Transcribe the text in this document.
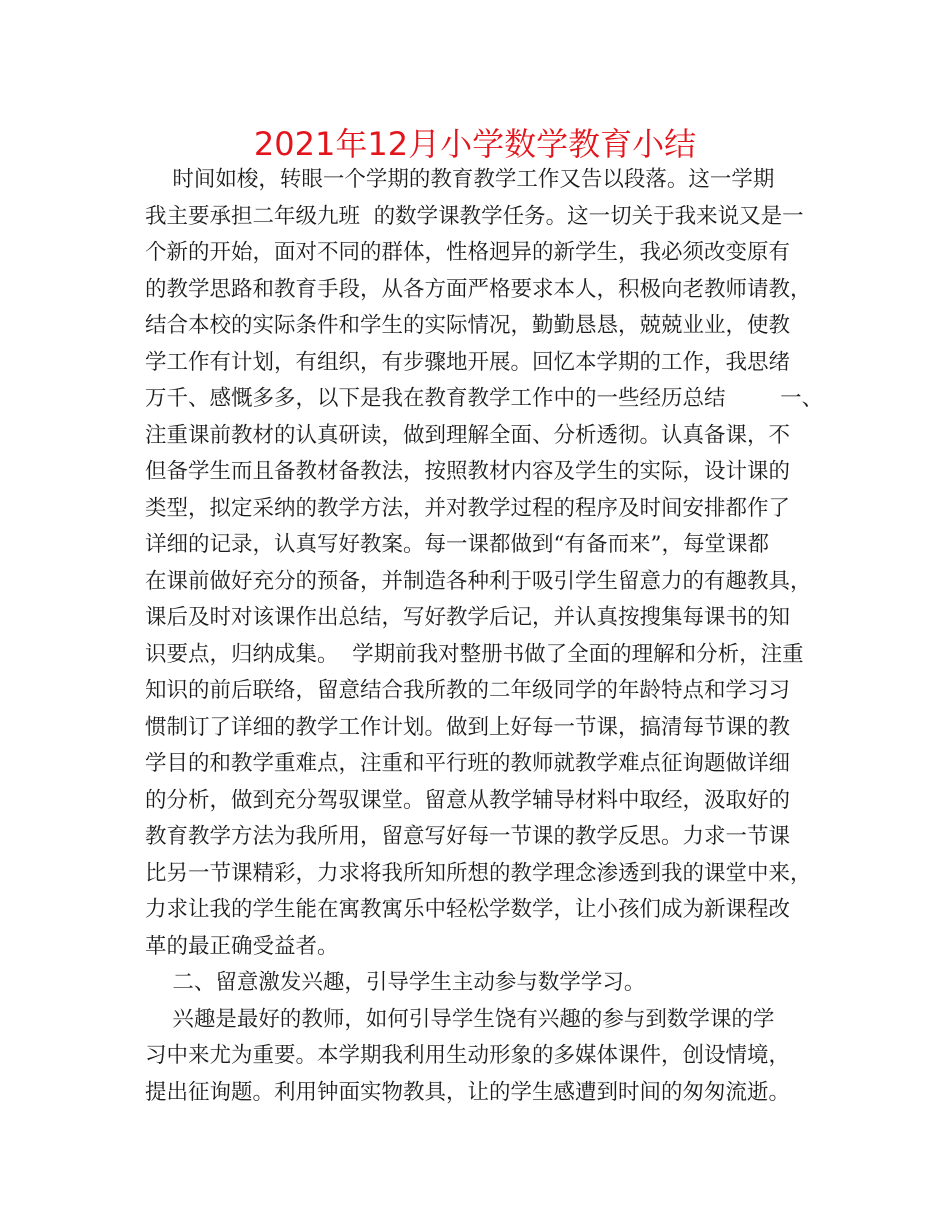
2021年12月小学数学教育小结
时间如梭，转眼一个学期的教育教学工作又告以段落。这一学期
我主要承担二年级九班  的数学课教学任务。这一切关于我来说又是一
个新的开始，面对不同的群体，性格迥异的新学生，我必须改变原有
的教学思路和教育手段，从各方面严格要求本人，积极向老教师请教，
结合本校的实际条件和学生的实际情况，勤勤恳恳，兢兢业业，使教
学工作有计划，有组织，有步骤地开展。回忆本学期的工作，我思绪
万千、感慨多多，以下是我在教育教学工作中的一些经历总结        一、
注重课前教材的认真研读，做到理解全面、分析透彻。认真备课，不
但备学生而且备教材备教法，按照教材内容及学生的实际，设计课的
类型，拟定采纳的教学方法，并对教学过程的程序及时间安排都作了
详细的记录，认真写好教案。每一课都做到“有备而来”，每堂课都
在课前做好充分的预备，并制造各种利于吸引学生留意力的有趣教具，
课后及时对该课作出总结，写好教学后记，并认真按搜集每课书的知
识要点，归纳成集。  学期前我对整册书做了全面的理解和分析，注重
知识的前后联络，留意结合我所教的二年级同学的年龄特点和学习习
惯制订了详细的教学工作计划。做到上好每一节课，搞清每节课的教
学目的和教学重难点，注重和平行班的教师就教学难点征询题做详细
的分析，做到充分驾驭课堂。留意从教学辅导材料中取经，汲取好的
教育教学方法为我所用，留意写好每一节课的教学反思。力求一节课
比另一节课精彩，力求将我所知所想的教学理念渗透到我的课堂中来，
力求让我的学生能在寓教寓乐中轻松学数学，让小孩们成为新课程改
革的最正确受益者。
二、留意激发兴趣，引导学生主动参与数学学习。
兴趣是最好的教师，如何引导学生饶有兴趣的参与到数学课的学
习中来尤为重要。本学期我利用生动形象的多媒体课件，创设情境，
提出征询题。利用钟面实物教具，让的学生感遭到时间的匆匆流逝。
